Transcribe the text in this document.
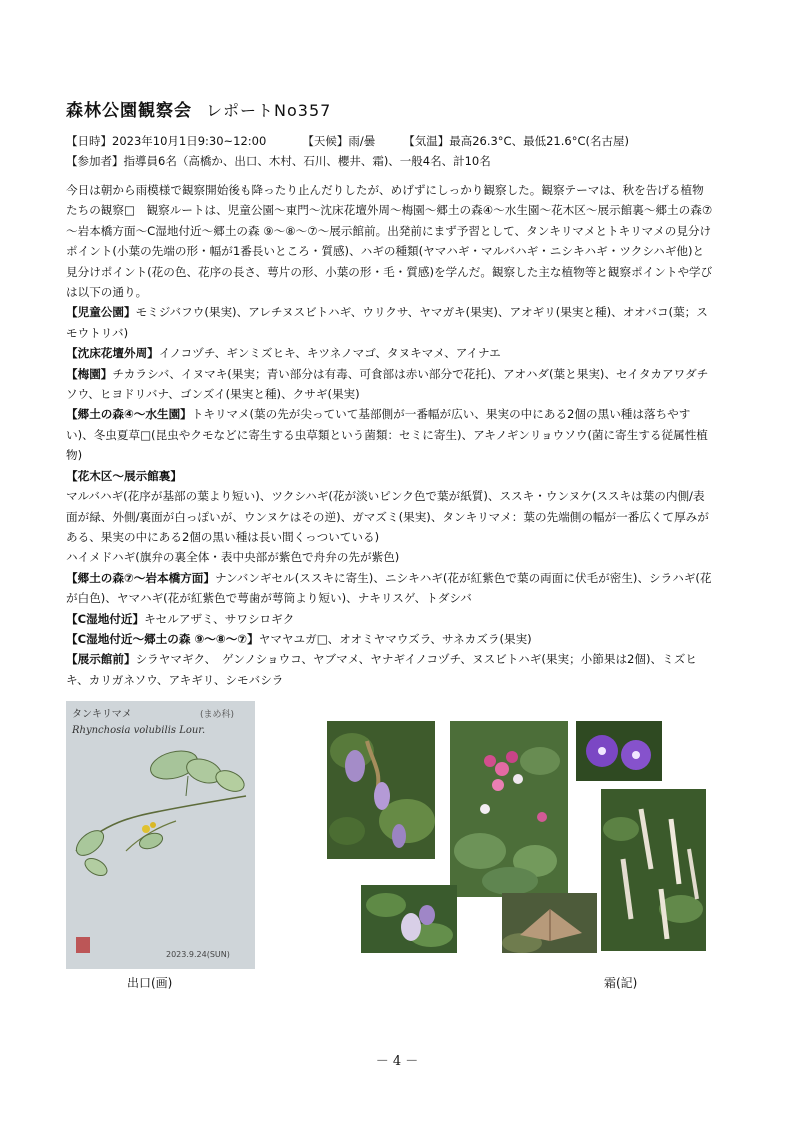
森林公園観察会 レポートNo357
【日時】2023年10月1日9:30~12:00	【天候】雨/曇 【気温】最高26.3°C、最低21.6°C(名古屋)
【参加者】指導員6名（高橋か、出口、木村、石川、櫻井、霜)、一般4名、計10名

今日は朝から雨模様で観察開始後も降ったり止んだりしたが、めげずにしっかり観察した。観察テーマは、秋を告げる植物たちの観察□　観察ルートは、児童公園～東門～沈床花壇外周～梅園～郷土の森④～水生園～花木区～展示館裏～郷土の森⑦～岩本橋方面～C湿地付近～郷土の森 ⑨～⑧～⑦～展示館前。出発前にまず予習として、タンキリマメとトキリマメの見分けポイント(小葉の先端の形・幅が1番長いところ・質感)、ハギの種類(ヤマハギ・マルバハギ・ニシキハギ・ツクシハギ他)と見分けポイント(花の色、花序の長さ、萼片の形、小葉の形・毛・質感)を学んだ。観察した主な植物等と観察ポイントや学びは以下の通り。

【児童公園】モミジバフウ(果実)、アレチヌスビトハギ、ウリクサ、ヤマガキ(果実)、アオギリ(果実と種)、オオバコ(葉；スモウトリバ)

【沈床花壇外周】イノコヅチ、ギンミズヒキ、キツネノマゴ、タヌキマメ、アイナエ

【梅園】チカラシバ、イヌマキ(果実；青い部分は有毒、可食部は赤い部分で花托)、アオハダ(葉と果実)、セイタカアワダチソウ、ヒヨドリバナ、ゴンズイ(果実と種)、クサギ(果実)

【郷土の森④～水生園】トキリマメ(葉の先が尖っていて基部側が一番幅が広い、果実の中にある2個の黒い種は落ちやすい)、冬虫夏草□(昆虫やクモなどに寄生する虫草類という菌類：セミに寄生)、アキノギンリョウソウ(菌に寄生する従属性植物)

【花木区～展示館裏】

マルバハギ(花序が基部の葉より短い)、ツクシハギ(花が淡いピンク色で葉が紙質)、ススキ・ウンヌケ(ススキは葉の内側/表面が緑、外側/裏面が白っぽいが、ウンヌケはその逆)、ガマズミ(果実)、タンキリマメ：葉の先端側の幅が一番広くて厚みがある、果実の中にある2個の黒い種は長い間くっついている)

ハイメドハギ(旗弁の裏全体・表中央部が紫色で舟弁の先が紫色)

【郷土の森⑦～岩本橋方面】ナンバンギセル(ススキに寄生)、ニシキハギ(花が紅紫色で葉の両面に伏毛が密生)、シラハギ(花が白色)、ヤマハギ(花が紅紫色で萼歯が萼筒より短い)、ナキリスゲ、トダシバ

【C湿地付近】キセルアザミ、サワシロギク

【C湿地付近～郷土の森 ⑨～⑧～⑦】ヤマヤユガ□、オオミヤマウズラ、サネカズラ(果実)

【展示館前】シラヤマギク、　ゲンノショウコ、ヤブマメ、ヤナギイノコヅチ、ヌスビトハギ(果実；小節果は2個)、ミズヒキ、カリガネソウ、アキギリ、シモバシラ

タンキリマメ	(まめ科)
Rhynchosia volubilis Lour.
2023.9.24(SUN)
出口(画)	霜(記)
－ 4 －
